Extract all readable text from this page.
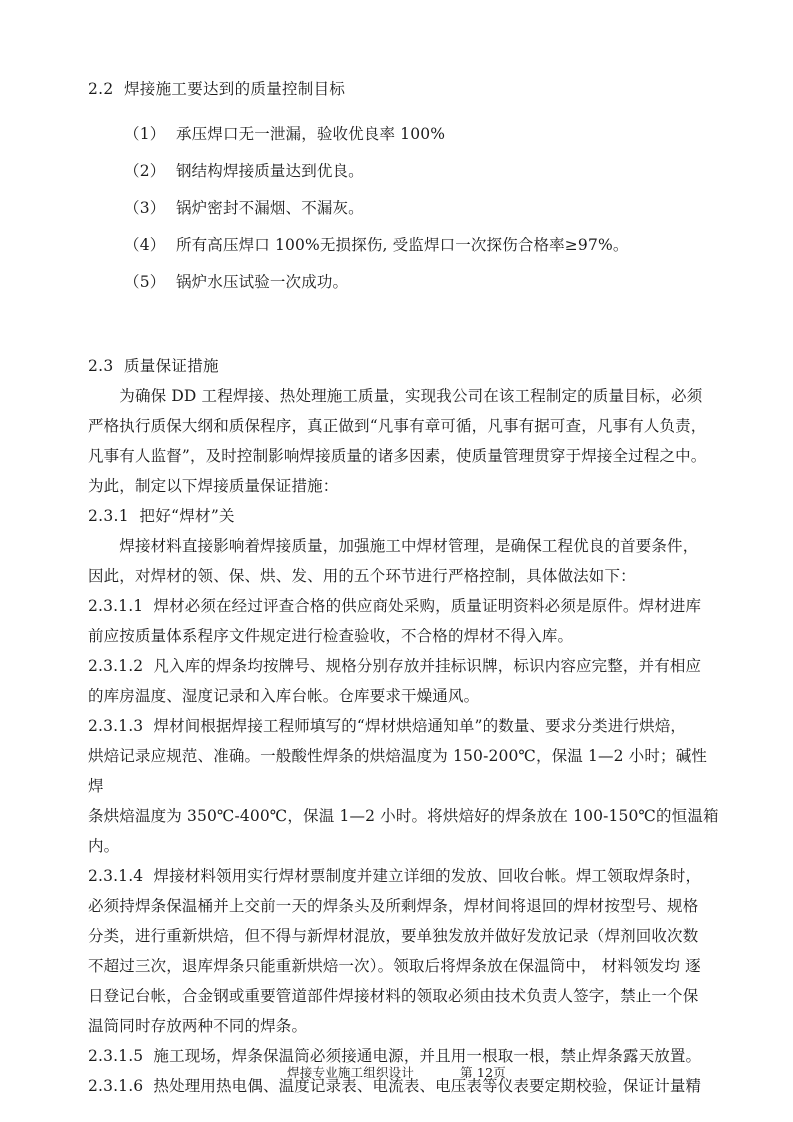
2.2  焊接施工要达到的质量控制目标
（1） 承压焊口无一泄漏，验收优良率 100%
（2） 钢结构焊接质量达到优良。
（3） 锅炉密封不漏烟、不漏灰。
（4） 所有高压焊口 100%无损探伤, 受监焊口一次探伤合格率≥97%。
（5） 锅炉水压试验一次成功。
2.3  质量保证措施
　　为确保 DD 工程焊接、热处理施工质量，实现我公司在该工程制定的质量目标，必须
严格执行质保大纲和质保程序，真正做到“凡事有章可循，凡事有据可查，凡事有人负责，
凡事有人监督”，及时控制影响焊接质量的诸多因素，使质量管理贯穿于焊接全过程之中。
为此，制定以下焊接质量保证措施：
2.3.1  把好“焊材”关
　　焊接材料直接影响着焊接质量，加强施工中焊材管理，是确保工程优良的首要条件，
因此，对焊材的领、保、烘、发、用的五个环节进行严格控制，具体做法如下：
2.3.1.1  焊材必须在经过评查合格的供应商处采购，质量证明资料必须是原件。焊材进库
前应按质量体系程序文件规定进行检查验收，不合格的焊材不得入库。
2.3.1.2  凡入库的焊条均按牌号、规格分别存放并挂标识牌，标识内容应完整，并有相应
的库房温度、湿度记录和入库台帐。仓库要求干燥通风。
2.3.1.3  焊材间根据焊接工程师填写的“焊材烘焙通知单”的数量、要求分类进行烘焙，
烘焙记录应规范、准确。一般酸性焊条的烘焙温度为 150-200℃，保温 1—2 小时；碱性焊
条烘焙温度为 350℃-400℃，保温 1—2 小时。将烘焙好的焊条放在 100-150℃的恒温箱内。
2.3.1.4  焊接材料领用实行焊材票制度并建立详细的发放、回收台帐。焊工领取焊条时，
必须持焊条保温桶并上交前一天的焊条头及所剩焊条，焊材间将退回的焊材按型号、规格
分类，进行重新烘焙，但不得与新焊材混放，要单独发放并做好发放记录（焊剂回收次数
不超过三次，退库焊条只能重新烘焙一次）。领取后将焊条放在保温筒中， 材料领发均 逐
日登记台帐，合金钢或重要管道部件焊接材料的领取必须由技术负责人签字，禁止一个保
温筒同时存放两种不同的焊条。
2.3.1.5  施工现场，焊条保温筒必须接通电源，并且用一根取一根，禁止焊条露天放置。
2.3.1.6  热处理用热电偶、温度记录表、电流表、电压表等仪表要定期校验，保证计量精
焊接专业施工组织设计	第 12页
